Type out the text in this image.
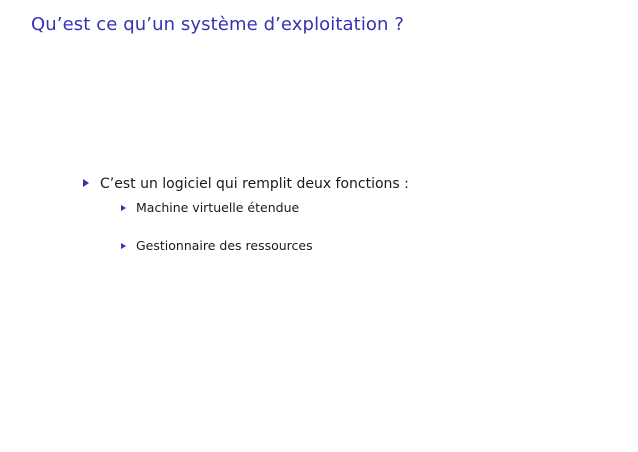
Qu’est ce qu’un système d’exploitation ?
C’est un logiciel qui remplit deux fonctions :
Machine virtuelle étendue
Gestionnaire des ressources
